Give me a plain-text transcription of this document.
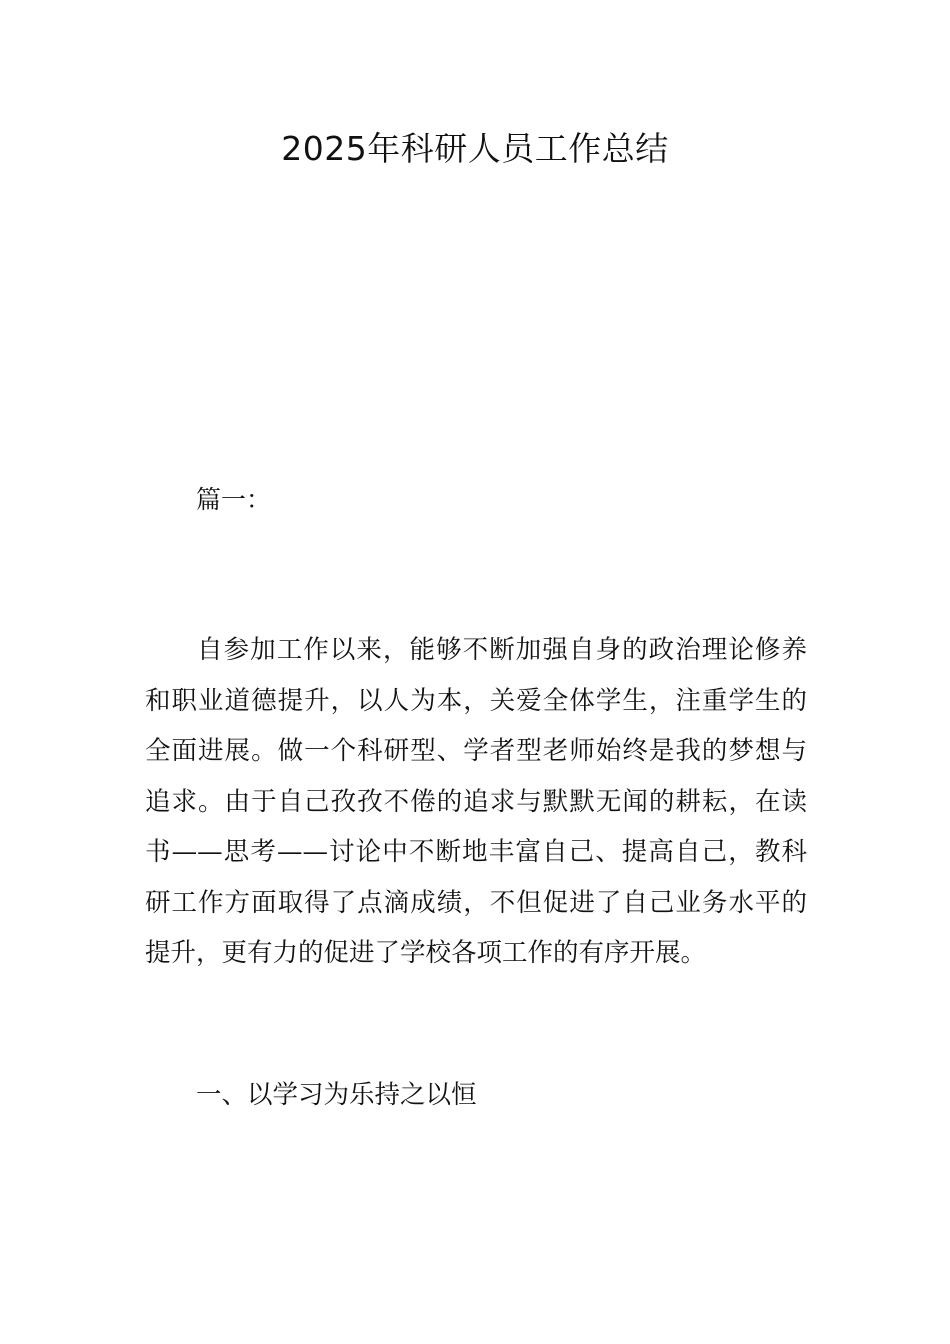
2025年科研人员工作总结

篇一：

自参加工作以来，能够不断加强自身的政治理论修养和职业道德提升，以人为本，关爱全体学生，注重学生的全面进展。做一个科研型、学者型老师始终是我的梦想与追求。由于自己孜孜不倦的追求与默默无闻的耕耘，在读书——思考——讨论中不断地丰富自己、提高自己，教科研工作方面取得了点滴成绩，不但促进了自己业务水平的提升，更有力的促进了学校各项工作的有序开展。

一、以学习为乐持之以恒
